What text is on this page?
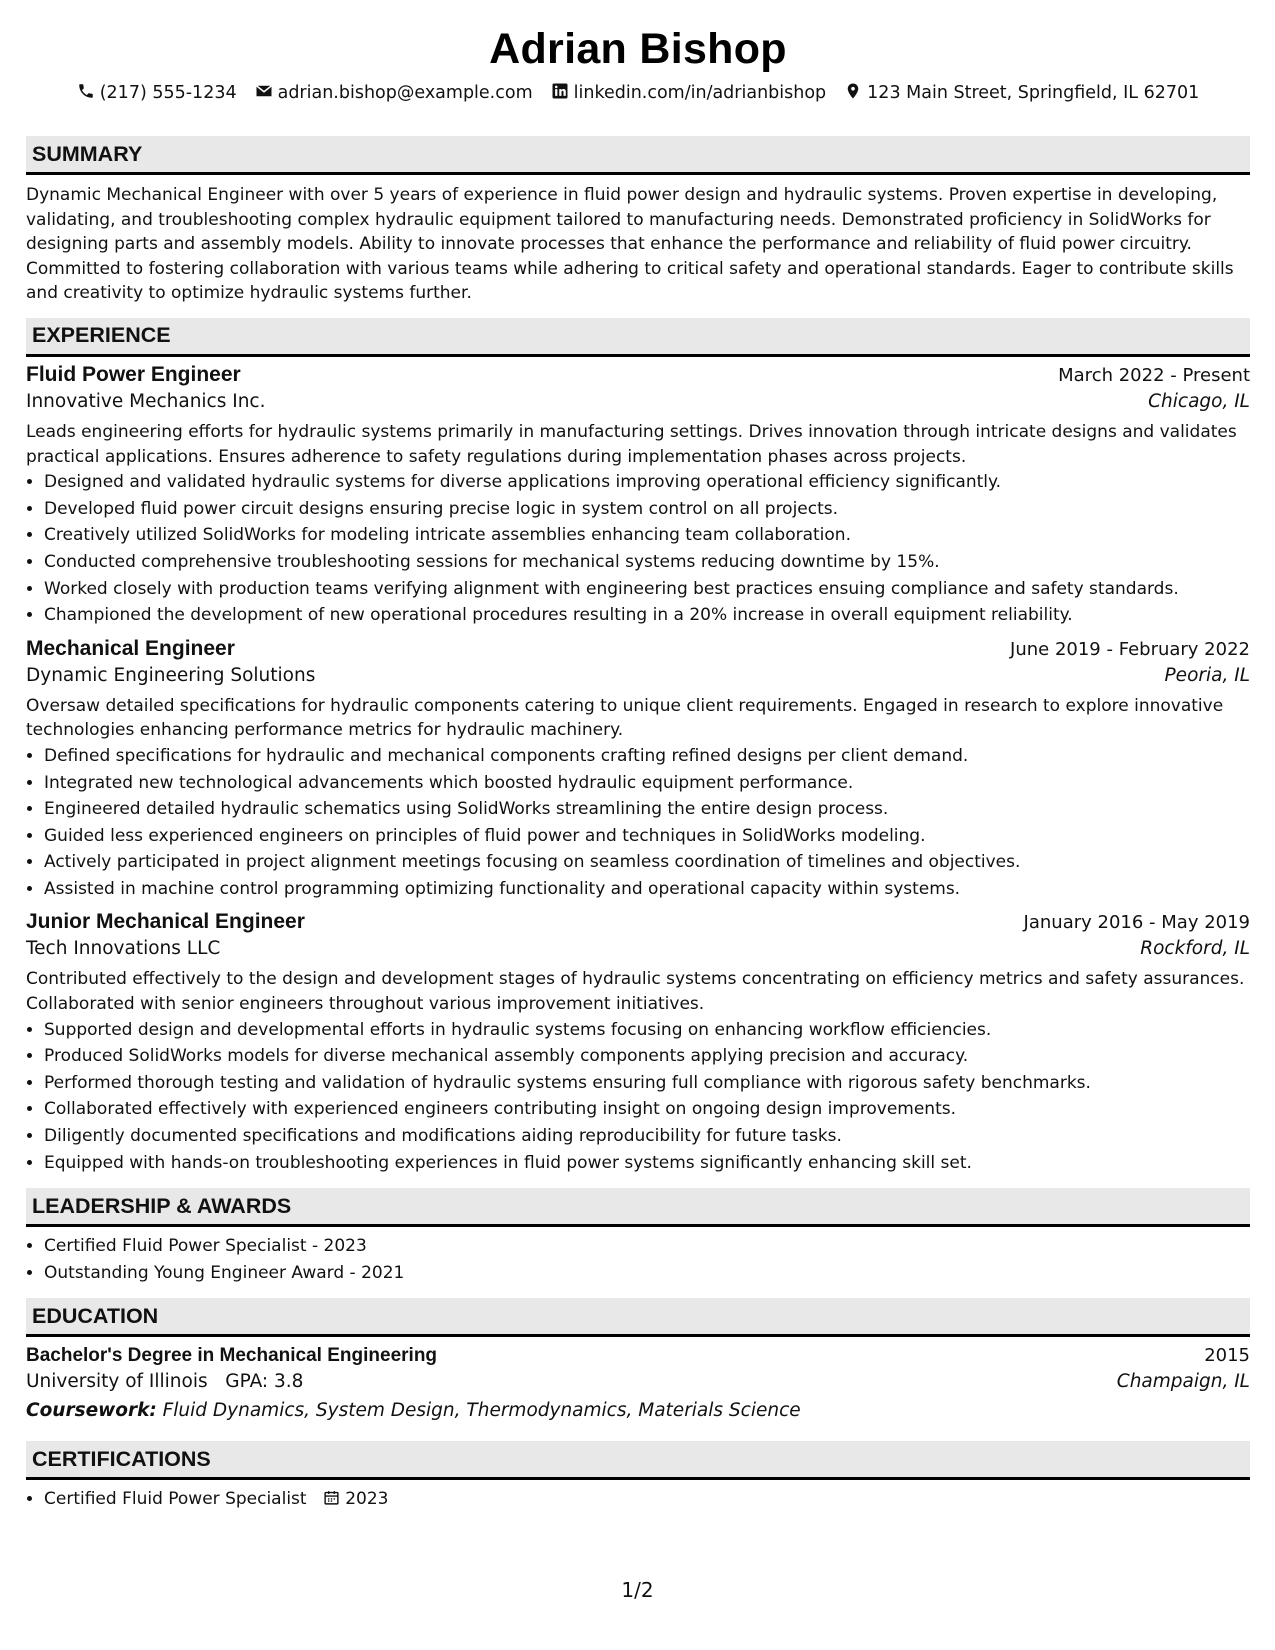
Adrian Bishop
(217) 555-1234 adrian.bishop@example.com linkedin.com/in/adrianbishop 123 Main Street, Springfield, IL 62701
SUMMARY
Dynamic Mechanical Engineer with over 5 years of experience in fluid power design and hydraulic systems. Proven expertise in developing, validating, and troubleshooting complex hydraulic equipment tailored to manufacturing needs. Demonstrated proficiency in SolidWorks for designing parts and assembly models. Ability to innovate processes that enhance the performance and reliability of fluid power circuitry. Committed to fostering collaboration with various teams while adhering to critical safety and operational standards. Eager to contribute skills and creativity to optimize hydraulic systems further.
EXPERIENCE
Fluid Power Engineer	March 2022 - Present
Innovative Mechanics Inc.	Chicago, IL
Leads engineering efforts for hydraulic systems primarily in manufacturing settings. Drives innovation through intricate designs and validates practical applications. Ensures adherence to safety regulations during implementation phases across projects.
• Designed and validated hydraulic systems for diverse applications improving operational efficiency significantly.
• Developed fluid power circuit designs ensuring precise logic in system control on all projects.
• Creatively utilized SolidWorks for modeling intricate assemblies enhancing team collaboration.
• Conducted comprehensive troubleshooting sessions for mechanical systems reducing downtime by 15%.
• Worked closely with production teams verifying alignment with engineering best practices ensuing compliance and safety standards.
• Championed the development of new operational procedures resulting in a 20% increase in overall equipment reliability.
Mechanical Engineer	June 2019 - February 2022
Dynamic Engineering Solutions	Peoria, IL
Oversaw detailed specifications for hydraulic components catering to unique client requirements. Engaged in research to explore innovative technologies enhancing performance metrics for hydraulic machinery.
• Defined specifications for hydraulic and mechanical components crafting refined designs per client demand.
• Integrated new technological advancements which boosted hydraulic equipment performance.
• Engineered detailed hydraulic schematics using SolidWorks streamlining the entire design process.
• Guided less experienced engineers on principles of fluid power and techniques in SolidWorks modeling.
• Actively participated in project alignment meetings focusing on seamless coordination of timelines and objectives.
• Assisted in machine control programming optimizing functionality and operational capacity within systems.
Junior Mechanical Engineer	January 2016 - May 2019
Tech Innovations LLC	Rockford, IL
Contributed effectively to the design and development stages of hydraulic systems concentrating on efficiency metrics and safety assurances. Collaborated with senior engineers throughout various improvement initiatives.
• Supported design and developmental efforts in hydraulic systems focusing on enhancing workflow efficiencies.
• Produced SolidWorks models for diverse mechanical assembly components applying precision and accuracy.
• Performed thorough testing and validation of hydraulic systems ensuring full compliance with rigorous safety benchmarks.
• Collaborated effectively with experienced engineers contributing insight on ongoing design improvements.
• Diligently documented specifications and modifications aiding reproducibility for future tasks.
• Equipped with hands-on troubleshooting experiences in fluid power systems significantly enhancing skill set.
LEADERSHIP & AWARDS
• Certified Fluid Power Specialist - 2023
• Outstanding Young Engineer Award - 2021
EDUCATION
Bachelor's Degree in Mechanical Engineering	2015
University of Illinois GPA: 3.8	Champaign, IL
Coursework: Fluid Dynamics, System Design, Thermodynamics, Materials Science
CERTIFICATIONS
• Certified Fluid Power Specialist 2023
1/2
